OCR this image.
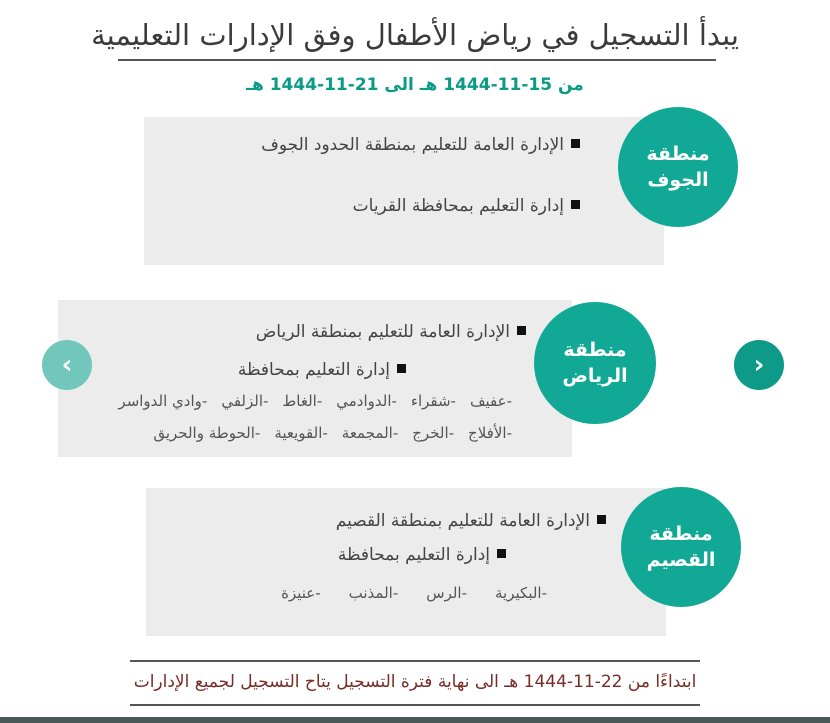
يبدأ التسجيل في رياض الأطفال وفق الإدارات التعليمية
من 15-11-1444 هـ الى 21-11-1444 هـ
منطقة
الجوف
الإدارة العامة للتعليم بمنطقة الحدود الجوف
إدارة التعليم بمحافظة القريات
منطقة
الرياض
الإدارة العامة للتعليم بمنطقة الرياض
إدارة التعليم بمحافظة
-عفيف-شقراء-الدوادمي-الغاط-الزلفي-وادي الدواسر
-الأفلاج-الخرج-المجمعة-القويعية-الحوطة والحريق
منطقة
القصيم
الإدارة العامة للتعليم بمنطقة القصيم
إدارة التعليم بمحافظة
-البكيرية-الرس-المذنب-عنيزة
›	‹
ابتداءًا من 22-11-1444 هـ الى نهاية فترة التسجيل يتاح التسجيل لجميع الإدارات
